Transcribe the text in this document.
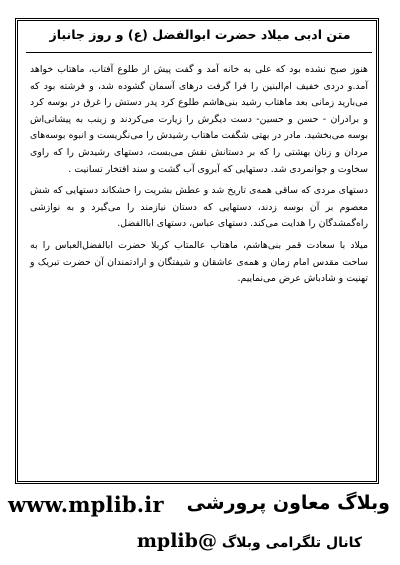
متن ادبی میلاد حضرت ابوالفضل (ع) و روز جانباز

هنوز صبح نشده بود که علی به خانه آمد و گفت پیش از طلوع آفتاب، ماهتاب خواهد آمد.و دردی خفیف ام‌البنین را فرا گرفت درهای آسمان گشوده شد، و فرشته بود که می‌بارید زمانی بعد ماهتاب رشید بنی‌هاشم طلوع کرد پدر دستش را غرق در بوسه کرد و برادران - حسن و حسین- دست دیگرش را زیارت می‌کردند و زینب به پیشانی‌اش بوسه می‌بخشید. مادر در بهتی شگفت ماهتاب رشیدش را می‌نگریست و انبوه بوسه‌های مردان و زنان بهشتی را که بر دستانش نقش می‌بست، دستهای رشیدش را که راوی سخاوت و جوانمردی شد. دستهایی که آبروی آب گشت و سند افتخار تسانیت .

دستهای مردی که ساقی همه‌ی تاریخ شد و عطش بشریت را خشکاند دستهایی که شش معصوم بر آن بوسه زدند، دستهایی که دستان نیازمند را می‌گیرد و به نوازشی راه‌گمشدگان را هدایت می‌کند. دستهای عباس، دستهای اباالفضل.

میلاد با سعادت قمر بنی‌هاشم، ماهتاب عالمتاب کربلا حضرت ابالفضل‌العباس را به ساحت مقدس امام زمان و همه‌ی عاشقان و شیفتگان و ارادتمندان آن حضرت تبریک و تهنیت و شادباش عرض می‌نماییم.

www.mplib.ir وبلاگ معاون پرورشی
کانال تلگرامی وبلاگ @mplib
